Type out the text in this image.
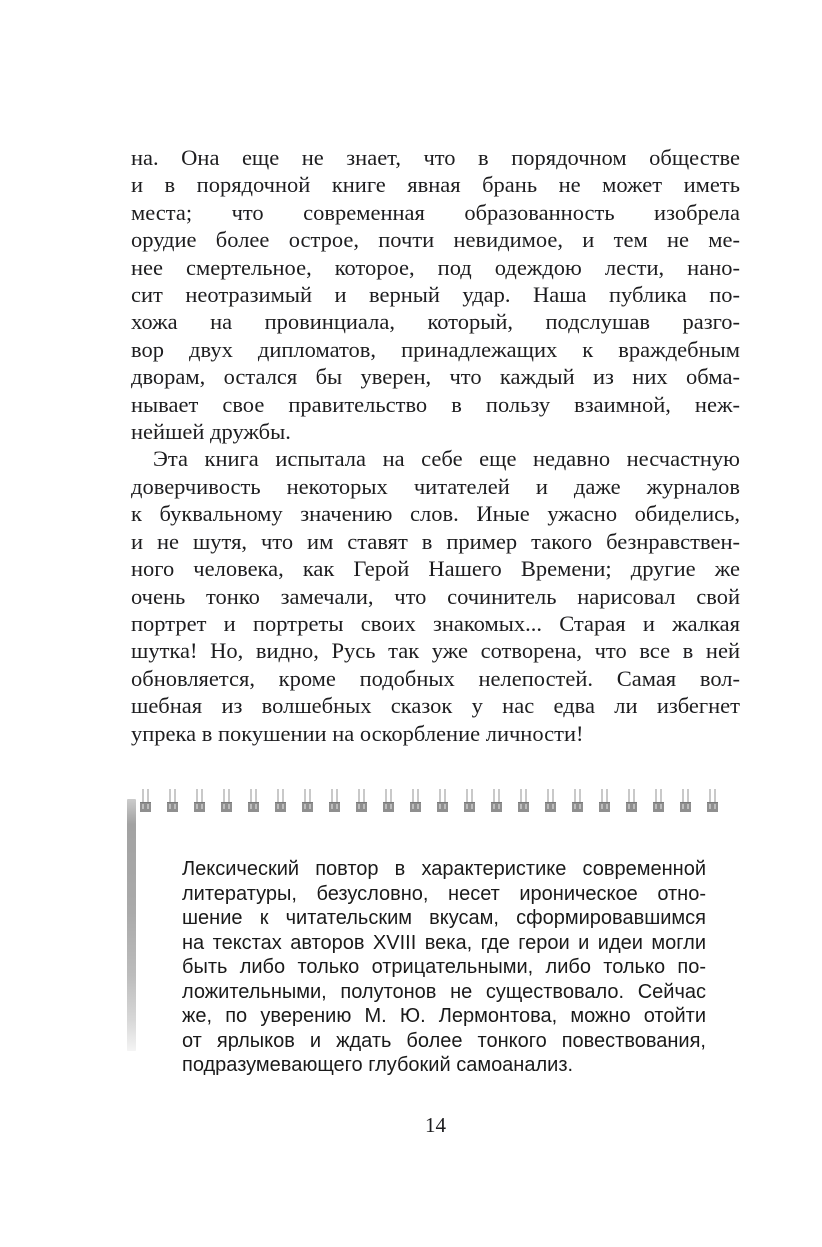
на. Она еще не знает, что в порядочном обществе
и в порядочной книге явная брань не может иметь
места; что современная образованность изобрела
орудие более острое, почти невидимое, и тем не ме-
нее смертельное, которое, под одеждою лести, нано-
сит неотразимый и верный удар. Наша публика по-
хожа на провинциала, который, подслушав разго-
вор двух дипломатов, принадлежащих к враждебным
дворам, остался бы уверен, что каждый из них обма-
нывает свое правительство в пользу взаимной, неж-
нейшей дружбы.
Эта книга испытала на себе еще недавно несчастную
доверчивость некоторых читателей и даже журналов
к буквальному значению слов. Иные ужасно обиделись,
и не шутя, что им ставят в пример такого безнравствен-
ного человека, как Герой Нашего Времени; другие же
очень тонко замечали, что сочинитель нарисовал свой
портрет и портреты своих знакомых... Старая и жалкая
шутка! Но, видно, Русь так уже сотворена, что все в ней
обновляется, кроме подобных нелепостей. Самая вол-
шебная из волшебных сказок у нас едва ли избегнет
упрека в покушении на оскорбление личности!
Лексический повтор в характеристике современной
литературы, безусловно, несет ироническое отно-
шение к читательским вкусам, сформировавшимся
на текстах авторов XVIII века, где герои и идеи могли
быть либо только отрицательными, либо только по-
ложительными, полутонов не существовало. Сейчас
же, по уверению М. Ю. Лермонтова, можно отойти
от ярлыков и ждать более тонкого повествования,
подразумевающего глубокий самоанализ.
14
